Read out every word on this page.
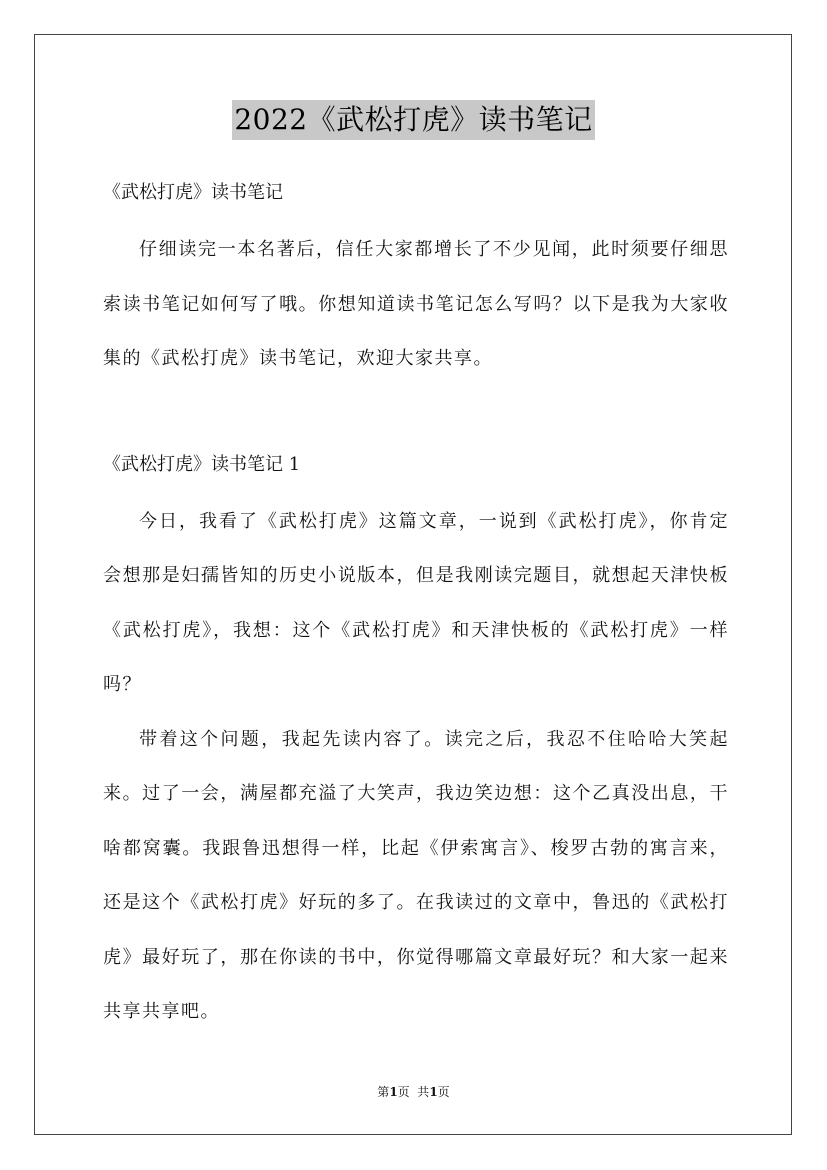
2022《武松打虎》读书笔记

《武松打虎》读书笔记

仔细读完一本名著后，信任大家都增长了不少见闻，此时须要仔细思索读书笔记如何写了哦。你想知道读书笔记怎么写吗？以下是我为大家收集的《武松打虎》读书笔记，欢迎大家共享。

《武松打虎》读书笔记 1

今日，我看了《武松打虎》这篇文章，一说到《武松打虎》，你肯定会想那是妇孺皆知的历史小说版本，但是我刚读完题目，就想起天津快板《武松打虎》，我想：这个《武松打虎》和天津快板的《武松打虎》一样吗？

带着这个问题，我起先读内容了。读完之后，我忍不住哈哈大笑起来。过了一会，满屋都充溢了大笑声，我边笑边想：这个乙真没出息，干啥都窝囊。我跟鲁迅想得一样，比起《伊索寓言》、梭罗古勃的寓言来，还是这个《武松打虎》好玩的多了。在我读过的文章中，鲁迅的《武松打虎》最好玩了，那在你读的书中，你觉得哪篇文章最好玩？和大家一起来共享共享吧。

第1页  共1页
